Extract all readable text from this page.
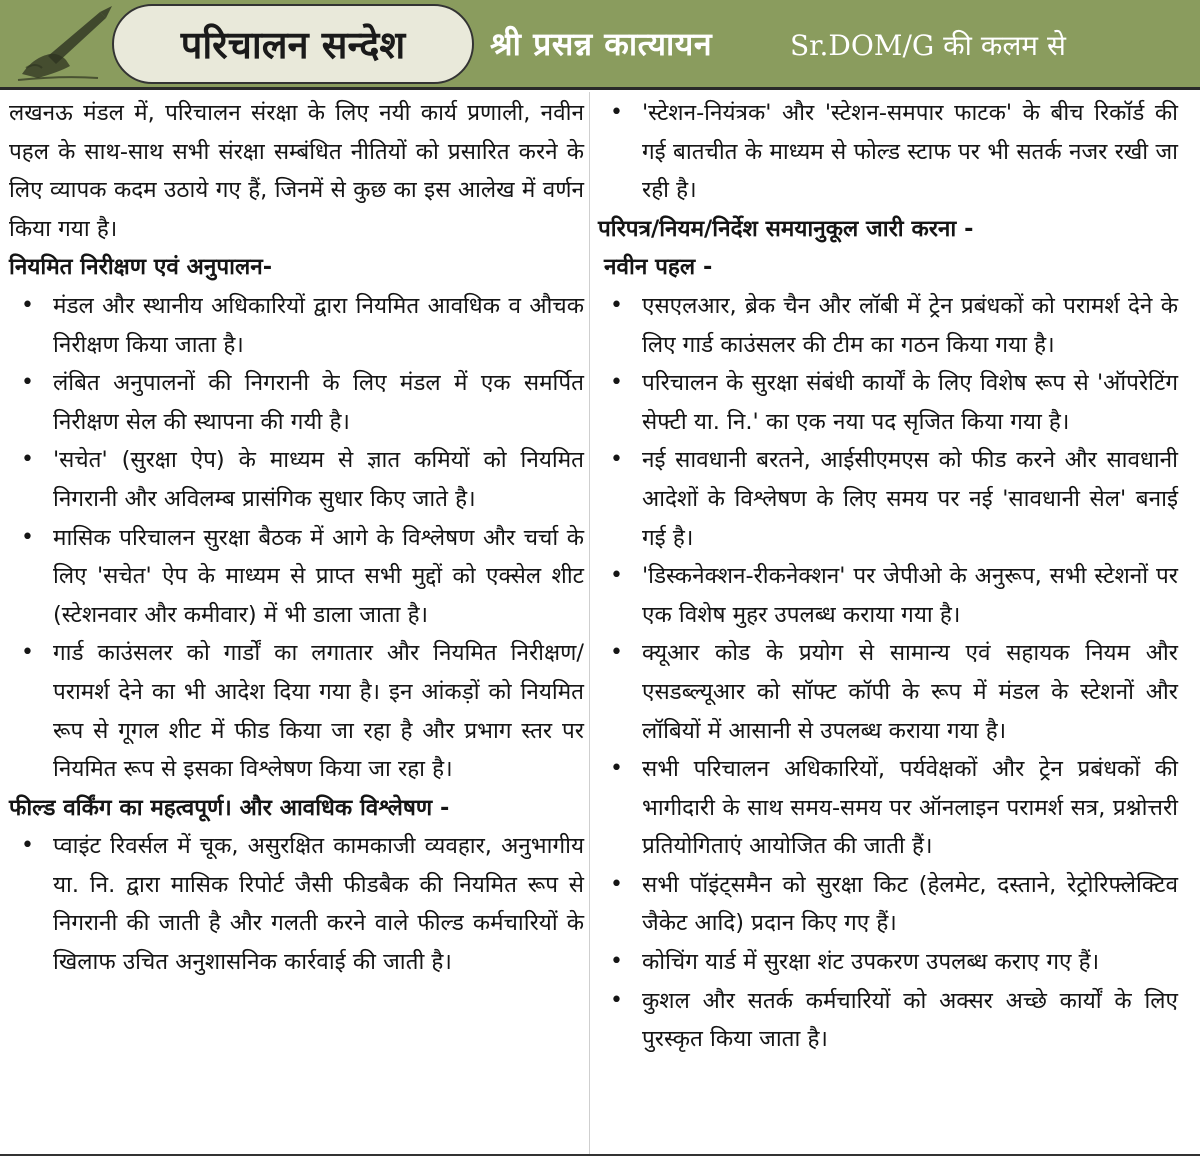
परिचालन सन्देश	श्री प्रसन्न कात्यायन	Sr.DOM/G की कलम से

लखनऊ मंडल में, परिचालन संरक्षा के लिए नयी कार्य प्रणाली, नवीन पहल के साथ-साथ सभी संरक्षा सम्बंधित नीतियों को प्रसारित करने के लिए व्यापक कदम उठाये गए हैं, जिनमें से कुछ का इस आलेख में वर्णन किया गया है।

नियमित निरीक्षण एवं अनुपालन-
• मंडल और स्थानीय अधिकारियों द्वारा नियमित आवधिक व औचक निरीक्षण किया जाता है।
• लंबित अनुपालनों की निगरानी के लिए मंडल में एक समर्पित निरीक्षण सेल की स्थापना की गयी है।
• 'सचेत' (सुरक्षा ऐप) के माध्यम से ज्ञात कमियों को नियमित निगरानी और अविलम्ब प्रासंगिक सुधार किए जाते है।
• मासिक परिचालन सुरक्षा बैठक में आगे के विश्लेषण और चर्चा के लिए 'सचेत' ऐप के माध्यम से प्राप्त सभी मुद्दों को एक्सेल शीट (स्टेशनवार और कमीवार) में भी डाला जाता है।
• गार्ड काउंसलर को गार्डों का लगातार और नियमित निरीक्षण/परामर्श देने का भी आदेश दिया गया है। इन आंकड़ों को नियमित रूप से गूगल शीट में फीड किया जा रहा है और प्रभाग स्तर पर नियमित रूप से इसका विश्लेषण किया जा रहा है।
फील्ड वर्किंग का महत्वपूर्ण। और आवधिक विश्लेषण -
• प्वाइंट रिवर्सल में चूक, असुरक्षित कामकाजी व्यवहार, अनुभागीय या. नि. द्वारा मासिक रिपोर्ट जैसी फीडबैक की नियमित रूप से निगरानी की जाती है और गलती करने वाले फील्ड कर्मचारियों के खिलाफ उचित अनुशासनिक कार्रवाई की जाती है।
• 'स्टेशन-नियंत्रक' और 'स्टेशन-समपार फाटक' के बीच रिकॉर्ड की गई बातचीत के माध्यम से फोल्ड स्टाफ पर भी सतर्क नजर रखी जा रही है।
परिपत्र/नियम/निर्देश समयानुकूल जारी करना -
नवीन पहल -
• एसएलआर, ब्रेक चैन और लॉबी में ट्रेन प्रबंधकों को परामर्श देने के लिए गार्ड काउंसलर की टीम का गठन किया गया है।
• परिचालन के सुरक्षा संबंधी कार्यों के लिए विशेष रूप से 'ऑपरेटिंग सेफ्टी या. नि.' का एक नया पद सृजित किया गया है।
• नई सावधानी बरतने, आईसीएमएस को फीड करने और सावधानी आदेशों के विश्लेषण के लिए समय पर नई 'सावधानी सेल' बनाई गई है।
• 'डिस्कनेक्शन-रीकनेक्शन' पर जेपीओ के अनुरूप, सभी स्टेशनों पर एक विशेष मुहर उपलब्ध कराया गया है।
• क्यूआर कोड के प्रयोग से सामान्य एवं सहायक नियम और एसडब्ल्यूआर को सॉफ्ट कॉपी के रूप में मंडल के स्टेशनों और लॉबियों में आसानी से उपलब्ध कराया गया है।
• सभी परिचालन अधिकारियों, पर्यवेक्षकों और ट्रेन प्रबंधकों की भागीदारी के साथ समय-समय पर ऑनलाइन परामर्श सत्र, प्रश्नोत्तरी प्रतियोगिताएं आयोजित की जाती हैं।
• सभी पॉइंट्समैन को सुरक्षा किट (हेलमेट, दस्ताने, रेट्रोरिफ्लेक्टिव जैकेट आदि) प्रदान किए गए हैं।
• कोचिंग यार्ड में सुरक्षा शंट उपकरण उपलब्ध कराए गए हैं।
• कुशल और सतर्क कर्मचारियों को अक्सर अच्छे कार्यों के लिए पुरस्कृत किया जाता है।
